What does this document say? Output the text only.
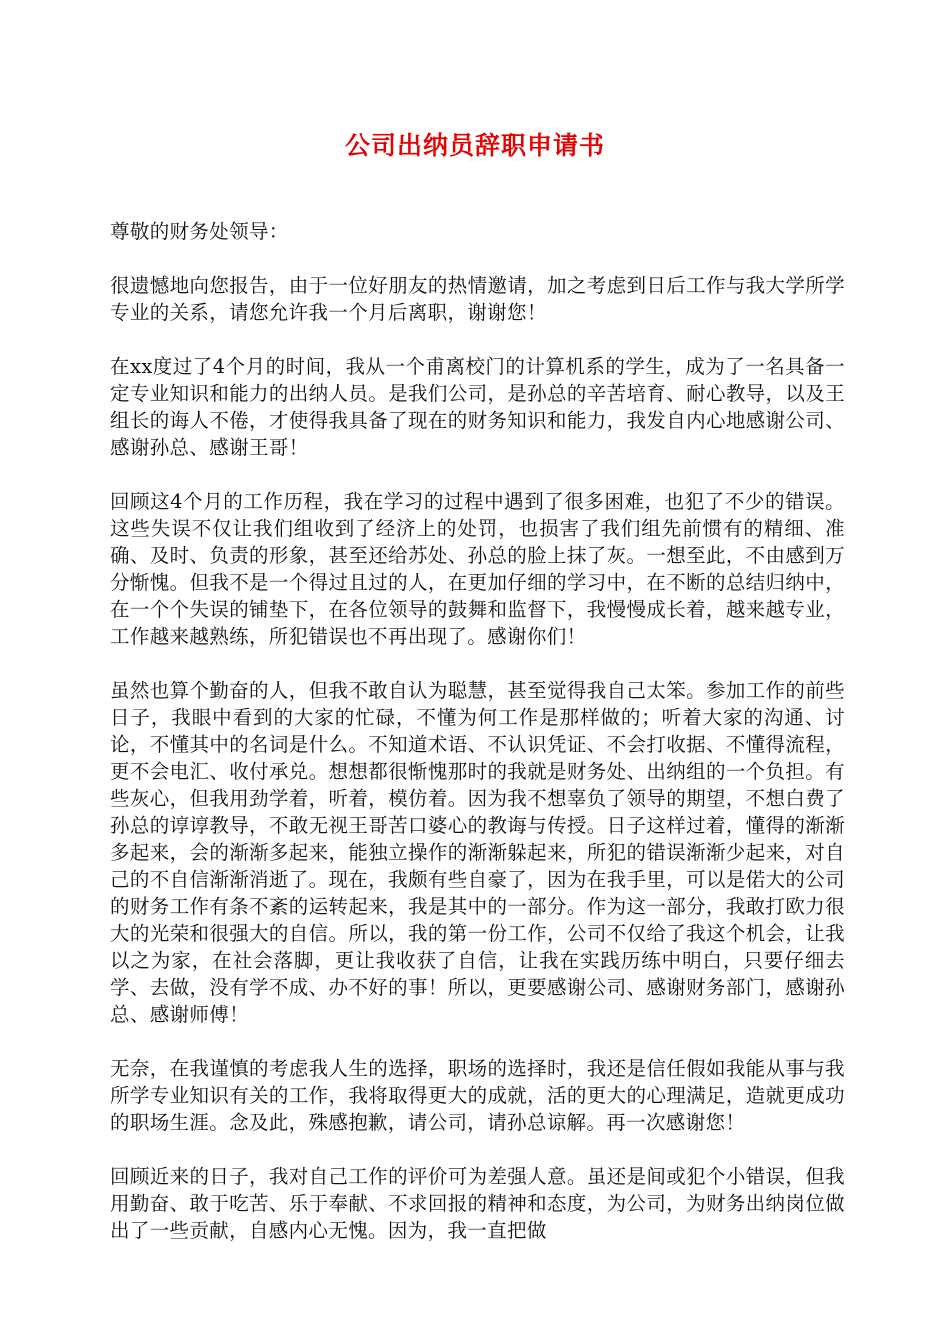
公司出纳员辞职申请书

尊敬的财务处领导：

很遗憾地向您报告，由于一位好朋友的热情邀请，加之考虑到日后工作与我大学所学专业的关系，请您允许我一个月后离职，谢谢您！

在xx度过了4个月的时间，我从一个甫离校门的计算机系的学生，成为了一名具备一定专业知识和能力的出纳人员。是我们公司，是孙总的辛苦培育、耐心教导，以及王组长的诲人不倦，才使得我具备了现在的财务知识和能力，我发自内心地感谢公司、感谢孙总、感谢王哥！

回顾这4个月的工作历程，我在学习的过程中遇到了很多困难，也犯了不少的错误。这些失误不仅让我们组收到了经济上的处罚，也损害了我们组先前惯有的精细、准确、及时、负责的形象，甚至还给苏处、孙总的脸上抹了灰。一想至此，不由感到万分惭愧。但我不是一个得过且过的人，在更加仔细的学习中，在不断的总结归纳中，在一个个失误的铺垫下，在各位领导的鼓舞和监督下，我慢慢成长着，越来越专业，工作越来越熟练，所犯错误也不再出现了。感谢你们！

虽然也算个勤奋的人，但我不敢自认为聪慧，甚至觉得我自己太笨。参加工作的前些日子，我眼中看到的大家的忙碌，不懂为何工作是那样做的；听着大家的沟通、讨论，不懂其中的名词是什么。不知道术语、不认识凭证、不会打收据、不懂得流程，更不会电汇、收付承兑。想想都很惭愧那时的我就是财务处、出纳组的一个负担。有些灰心，但我用劲学着，听着，模仿着。因为我不想辜负了领导的期望，不想白费了孙总的谆谆教导，不敢无视王哥苦口婆心的教诲与传授。日子这样过着，懂得的渐渐多起来，会的渐渐多起来，能独立操作的渐渐躲起来，所犯的错误渐渐少起来，对自己的不自信渐渐消逝了。现在，我颇有些自豪了，因为在我手里，可以是偌大的公司的财务工作有条不紊的运转起来，我是其中的一部分。作为这一部分，我敢打欧力很大的光荣和很强大的自信。所以，我的第一份工作，公司不仅给了我这个机会，让我以之为家，在社会落脚，更让我收获了自信，让我在实践历练中明白，只要仔细去学、去做，没有学不成、办不好的事！所以，更要感谢公司、感谢财务部门，感谢孙总、感谢师傅！

无奈，在我谨慎的考虑我人生的选择，职场的选择时，我还是信任假如我能从事与我所学专业知识有关的工作，我将取得更大的成就，活的更大的心理满足，造就更成功的职场生涯。念及此，殊感抱歉，请公司，请孙总谅解。再一次感谢您！

回顾近来的日子，我对自己工作的评价可为差强人意。虽还是间或犯个小错误，但我用勤奋、敢于吃苦、乐于奉献、不求回报的精神和态度，为公司，为财务出纳岗位做出了一些贡献，自感内心无愧。因为，我一直把做
